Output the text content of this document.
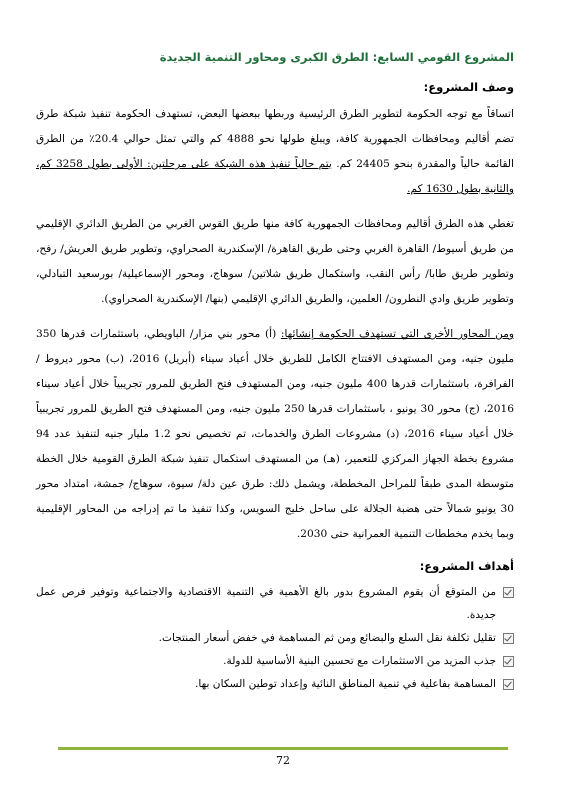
المشروع القومي السابع: الطرق الكبرى ومحاور التنمية الجديدة
وصف المشروع:

اتساقاً مع توجه الحكومة لتطوير الطرق الرئيسية وربطها ببعضها البعض، تستهدف الحكومة تنفيذ شبكة طرق تضم أقاليم ومحافظات الجمهورية كافة، ويبلغ طولها نحو 4888 كم والتي تمثل حوالي 20.4٪ من الطرق القائمة حالياً والمقدرة بنحو 24405 كم. يتم حالياً تنفيذ هذه الشبكة على مرحلتين: الأولى بطول 3258 كم، والثانية بطول 1630 كم.

تغطي هذه الطرق أقاليم ومحافظات الجمهورية كافة منها طريق القوس الغربي من الطريق الدائري الإقليمي من طريق أسيوط/ القاهرة الغربي وحتى طريق القاهرة/ الإسكندرية الصحراوي، وتطوير طريق العريش/ رفح، وتطوير طريق طابا/ رأس النقب، واستكمال طريق شلاتين/ سوهاج، ومحور الإسماعيلية/ بورسعيد التبادلي، وتطوير طريق وادي النطرون/ العلمين، والطريق الدائري الإقليمي (بنها/ الإسكندرية الصحراوي).

ومن المحاور الأخرى التي تستهدف الحكومة إنشائها: (أ) محور بني مزار/ الباويطي، باستثمارات قدرها 350 مليون جنيه، ومن المستهدف الافتتاح الكامل للطريق خلال أعياد سيناء (أبريل) 2016، (ب) محور ديروط / الفرافرة، باستثمارات قدرها 400 مليون جنيه، ومن المستهدف فتح الطريق للمرور تجريبياً خلال أعياد سيناء 2016، (ج) محور 30 يونيو ، باستثمارات قدرها 250 مليون جنيه، ومن المستهدف فتح الطريق للمرور تجريبياً خلال أعياد سيناء 2016، (د) مشروعات الطرق والخدمات، تم تخصيص نحو 1.2 مليار جنيه لتنفيذ عدد 94 مشروع بخطة الجهاز المركزي للتعمير، (هـ) من المستهدف استكمال تنفيذ شبكة الطرق القومية خلال الخطة متوسطة المدى طبقاً للمراحل المخططة، ويشمل ذلك: طرق عين دلة/ سيوة، سوهاج/ جمشة، امتداد محور 30 يونيو شمالاً حتى هضبة الجلالة على ساحل خليج السويس، وكذا تنفيذ ما تم إدراجه من المحاور الإقليمية وبما يخدم مخططات التنمية العمرانية حتى 2030.

أهداف المشروع:
من المتوقع أن يقوم المشروع بدور بالغ الأهمية في التنمية الاقتصادية والاجتماعية وتوفير فرص عمل جديدة.
تقليل تكلفة نقل السلع والبضائع ومن ثم المساهمة في خفض أسعار المنتجات.
جذب المزيد من الاستثمارات مع تحسين البنية الأساسية للدولة.
المساهمة بفاعلية في تنمية المناطق النائية وإعداد توطين السكان بها.
72
